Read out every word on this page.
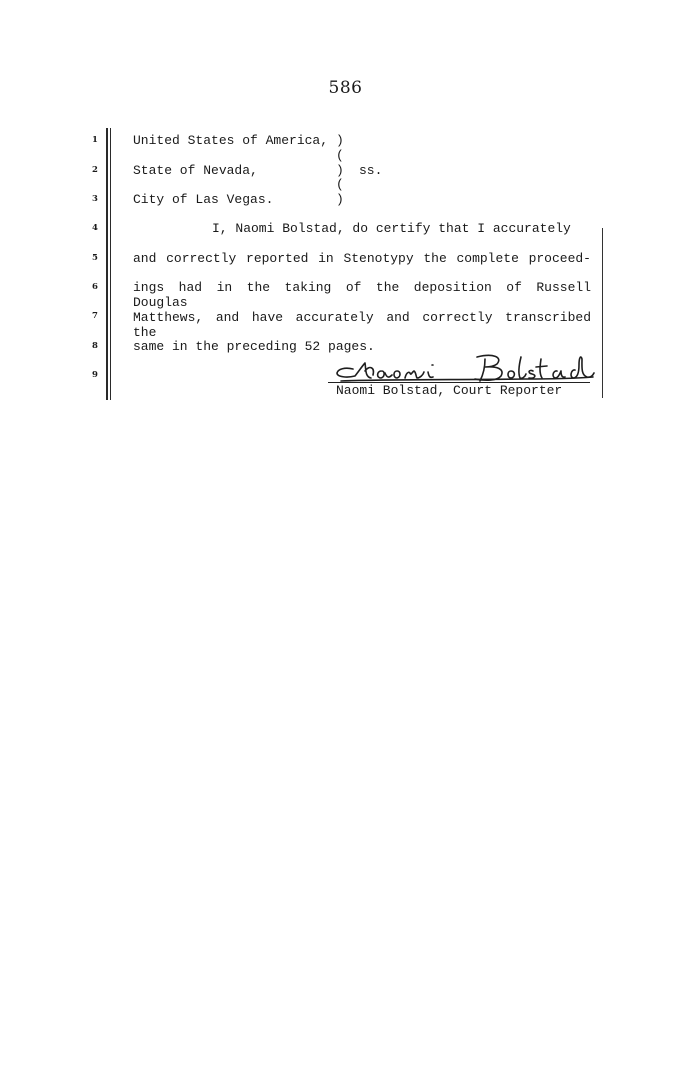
586
1
2
3
4
5
6
7
8
9
United States of America,
State of Nevada,
City of Las Vegas.
)
(
)
(
)
ss.
I, Naomi Bolstad, do certify that I accurately
and correctly reported in Stenotypy the complete proceed-
ings had in the taking of the deposition of Russell Douglas
Matthews, and have accurately and correctly transcribed the
same in the preceding 52 pages.
Naomi Bolstad, Court Reporter
